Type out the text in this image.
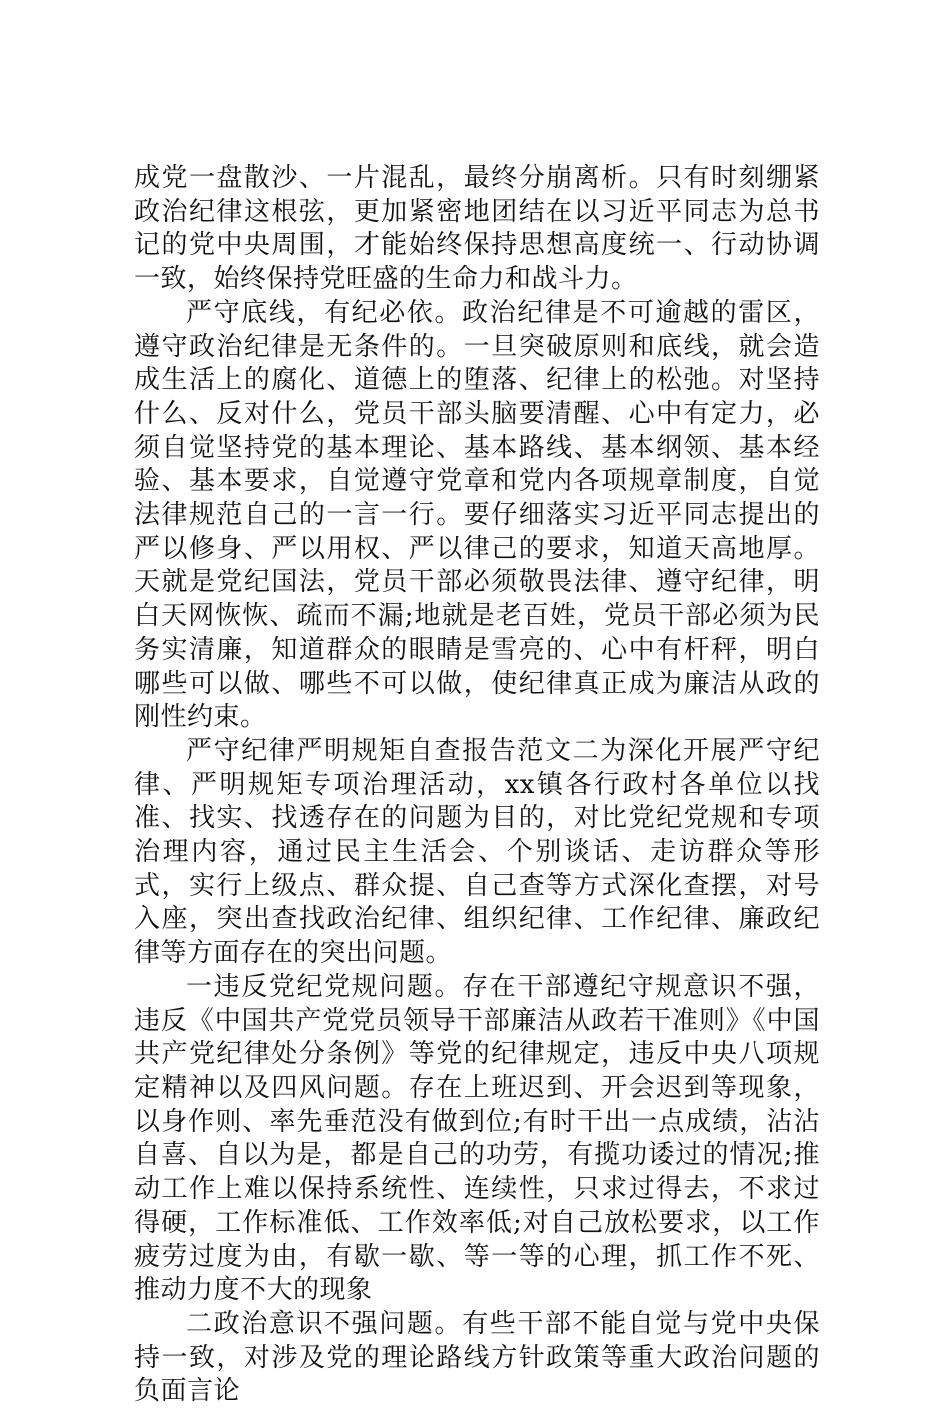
成党一盘散沙、一片混乱，最终分崩离析。只有时刻绷紧政治纪律这根弦，更加紧密地团结在以习近平同志为总书记的党中央周围，才能始终保持思想高度统一、行动协调一致，始终保持党旺盛的生命力和战斗力。

严守底线，有纪必依。政治纪律是不可逾越的雷区，遵守政治纪律是无条件的。一旦突破原则和底线，就会造成生活上的腐化、道德上的堕落、纪律上的松弛。对坚持什么、反对什么，党员干部头脑要清醒、心中有定力，必须自觉坚持党的基本理论、基本路线、基本纲领、基本经验、基本要求，自觉遵守党章和党内各项规章制度，自觉法律规范自己的一言一行。要仔细落实习近平同志提出的严以修身、严以用权、严以律己的要求，知道天高地厚。天就是党纪国法，党员干部必须敬畏法律、遵守纪律，明白天网恢恢、疏而不漏;地就是老百姓，党员干部必须为民务实清廉，知道群众的眼睛是雪亮的、心中有杆秤，明白哪些可以做、哪些不可以做，使纪律真正成为廉洁从政的刚性约束。

严守纪律严明规矩自查报告范文二为深化开展严守纪律、严明规矩专项治理活动，xx镇各行政村各单位以找准、找实、找透存在的问题为目的，对比党纪党规和专项治理内容，通过民主生活会、个别谈话、走访群众等形式，实行上级点、群众提、自己查等方式深化查摆，对号入座，突出查找政治纪律、组织纪律、工作纪律、廉政纪律等方面存在的突出问题。

一违反党纪党规问题。存在干部遵纪守规意识不强，违反《中国共产党党员领导干部廉洁从政若干准则》《中国共产党纪律处分条例》等党的纪律规定，违反中央八项规定精神以及四风问题。存在上班迟到、开会迟到等现象，以身作则、率先垂范没有做到位;有时干出一点成绩，沾沾自喜、自以为是，都是自己的功劳，有揽功诿过的情况;推动工作上难以保持系统性、连续性，只求过得去，不求过得硬，工作标准低、工作效率低;对自己放松要求，以工作疲劳过度为由，有歇一歇、等一等的心理，抓工作不死、推动力度不大的现象

二政治意识不强问题。有些干部不能自觉与党中央保持一致，对涉及党的理论路线方针政策等重大政治问题的负面言论
